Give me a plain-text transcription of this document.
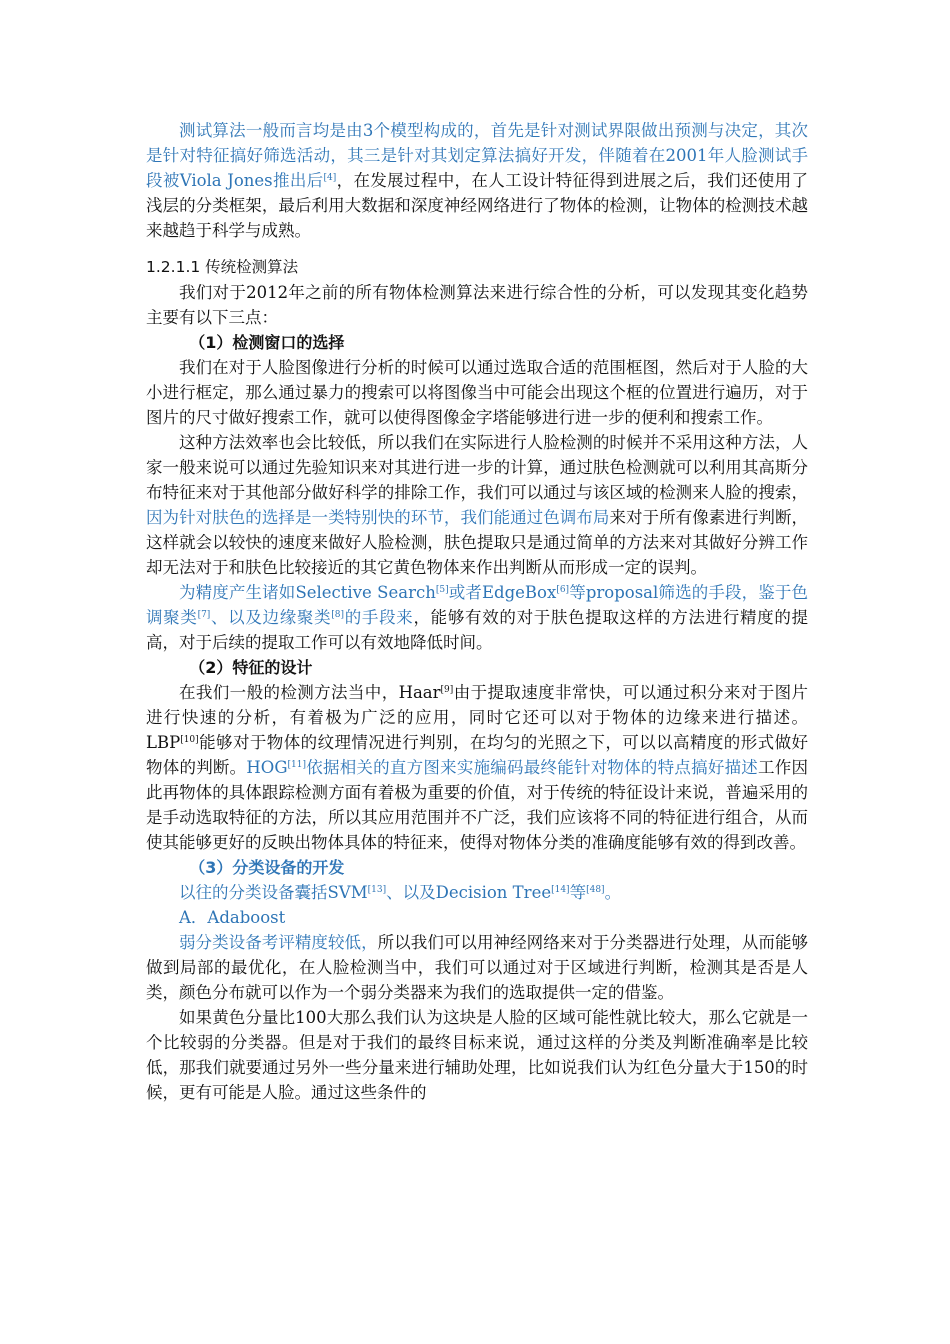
测试算法一般而言均是由3个模型构成的，首先是针对测试界限做出预测与决定，其次是针对特征搞好筛选活动，其三是针对其划定算法搞好开发，伴随着在2001年人脸测试手段被Viola Jones推出后[4]，在发展过程中，在人工设计特征得到进展之后，我们还使用了浅层的分类框架，最后利用大数据和深度神经网络进行了物体的检测，让物体的检测技术越来越趋于科学与成熟。

1.2.1.1 传统检测算法

我们对于2012年之前的所有物体检测算法来进行综合性的分析，可以发现其变化趋势主要有以下三点：

（1）检测窗口的选择

我们在对于人脸图像进行分析的时候可以通过选取合适的范围框图，然后对于人脸的大小进行框定，那么通过暴力的搜索可以将图像当中可能会出现这个框的位置进行遍历，对于图片的尺寸做好搜索工作，就可以使得图像金字塔能够进行进一步的便利和搜索工作。

这种方法效率也会比较低，所以我们在实际进行人脸检测的时候并不采用这种方法，人家一般来说可以通过先验知识来对其进行进一步的计算，通过肤色检测就可以利用其高斯分布特征来对于其他部分做好科学的排除工作，我们可以通过与该区域的检测来人脸的搜索，因为针对肤色的选择是一类特别快的环节，我们能通过色调布局来对于所有像素进行判断，这样就会以较快的速度来做好人脸检测，肤色提取只是通过简单的方法来对其做好分辨工作却无法对于和肤色比较接近的其它黄色物体来作出判断从而形成一定的误判。

为精度产生诸如Selective Search[5]或者EdgeBox[6]等proposal筛选的手段，鉴于色调聚类[7]、以及边缘聚类[8]的手段来，能够有效的对于肤色提取这样的方法进行精度的提高，对于后续的提取工作可以有效地降低时间。

（2）特征的设计

在我们一般的检测方法当中，Haar[9]由于提取速度非常快，可以通过积分来对于图片进行快速的分析，有着极为广泛的应用，同时它还可以对于物体的边缘来进行描述。LBP[10]能够对于物体的纹理情况进行判别，在均匀的光照之下，可以以高精度的形式做好物体的判断。HOG[11]依据相关的直方图来实施编码最终能针对物体的特点搞好描述工作因此再物体的具体跟踪检测方面有着极为重要的价值，对于传统的特征设计来说，普遍采用的是手动选取特征的方法，所以其应用范围并不广泛，我们应该将不同的特征进行组合，从而使其能够更好的反映出物体具体的特征来，使得对物体分类的准确度能够有效的得到改善。

（3）分类设备的开发

以往的分类设备囊括SVM[13]、以及Decision Tree[14]等[48]。

A．Adaboost

弱分类设备考评精度较低，所以我们可以用神经网络来对于分类器进行处理，从而能够做到局部的最优化，在人脸检测当中，我们可以通过对于区域进行判断，检测其是否是人类，颜色分布就可以作为一个弱分类器来为我们的选取提供一定的借鉴。

如果黄色分量比100大那么我们认为这块是人脸的区域可能性就比较大，那么它就是一个比较弱的分类器。但是对于我们的最终目标来说，通过这样的分类及判断准确率是比较低，那我们就要通过另外一些分量来进行辅助处理，比如说我们认为红色分量大于150的时候，更有可能是人脸。通过这些条件的
